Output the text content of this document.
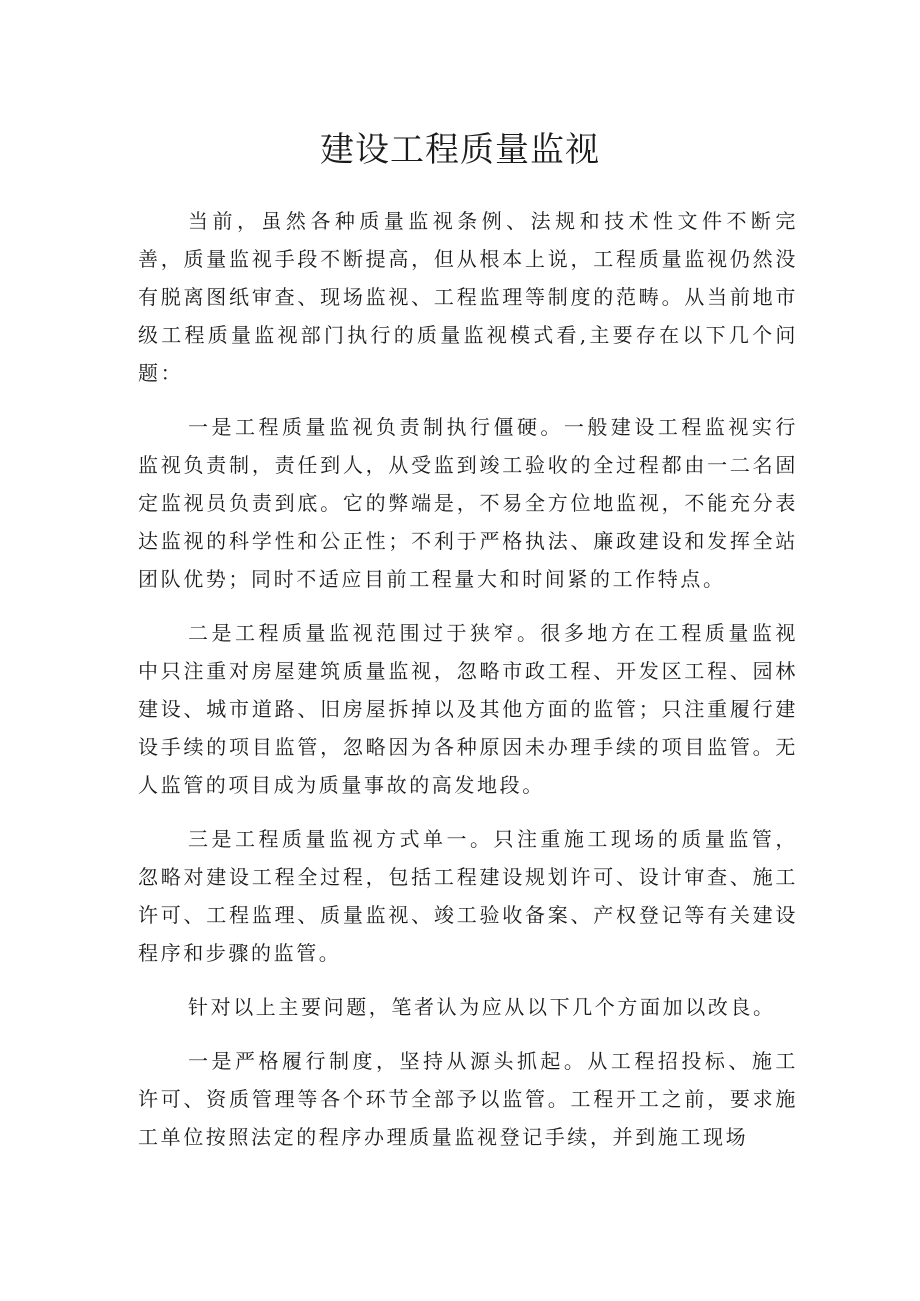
建设工程质量监视

当前，虽然各种质量监视条例、法规和技术性文件不断完善，质量监视手段不断提高，但从根本上说，工程质量监视仍然没有脱离图纸审查、现场监视、工程监理等制度的范畴。从当前地市级工程质量监视部门执行的质量监视模式看,主要存在以下几个问题：

一是工程质量监视负责制执行僵硬。一般建设工程监视实行监视负责制，责任到人，从受监到竣工验收的全过程都由一二名固定监视员负责到底。它的弊端是，不易全方位地监视，不能充分表达监视的科学性和公正性；不利于严格执法、廉政建设和发挥全站团队优势；同时不适应目前工程量大和时间紧的工作特点。

二是工程质量监视范围过于狭窄。很多地方在工程质量监视中只注重对房屋建筑质量监视，忽略市政工程、开发区工程、园林建设、城市道路、旧房屋拆掉以及其他方面的监管；只注重履行建设手续的项目监管，忽略因为各种原因未办理手续的项目监管。无人监管的项目成为质量事故的高发地段。

三是工程质量监视方式单一。只注重施工现场的质量监管，忽略对建设工程全过程，包括工程建设规划许可、设计审查、施工许可、工程监理、质量监视、竣工验收备案、产权登记等有关建设程序和步骤的监管。

针对以上主要问题，笔者认为应从以下几个方面加以改良。

一是严格履行制度，坚持从源头抓起。从工程招投标、施工许可、资质管理等各个环节全部予以监管。工程开工之前，要求施工单位按照法定的程序办理质量监视登记手续，并到施工现场
